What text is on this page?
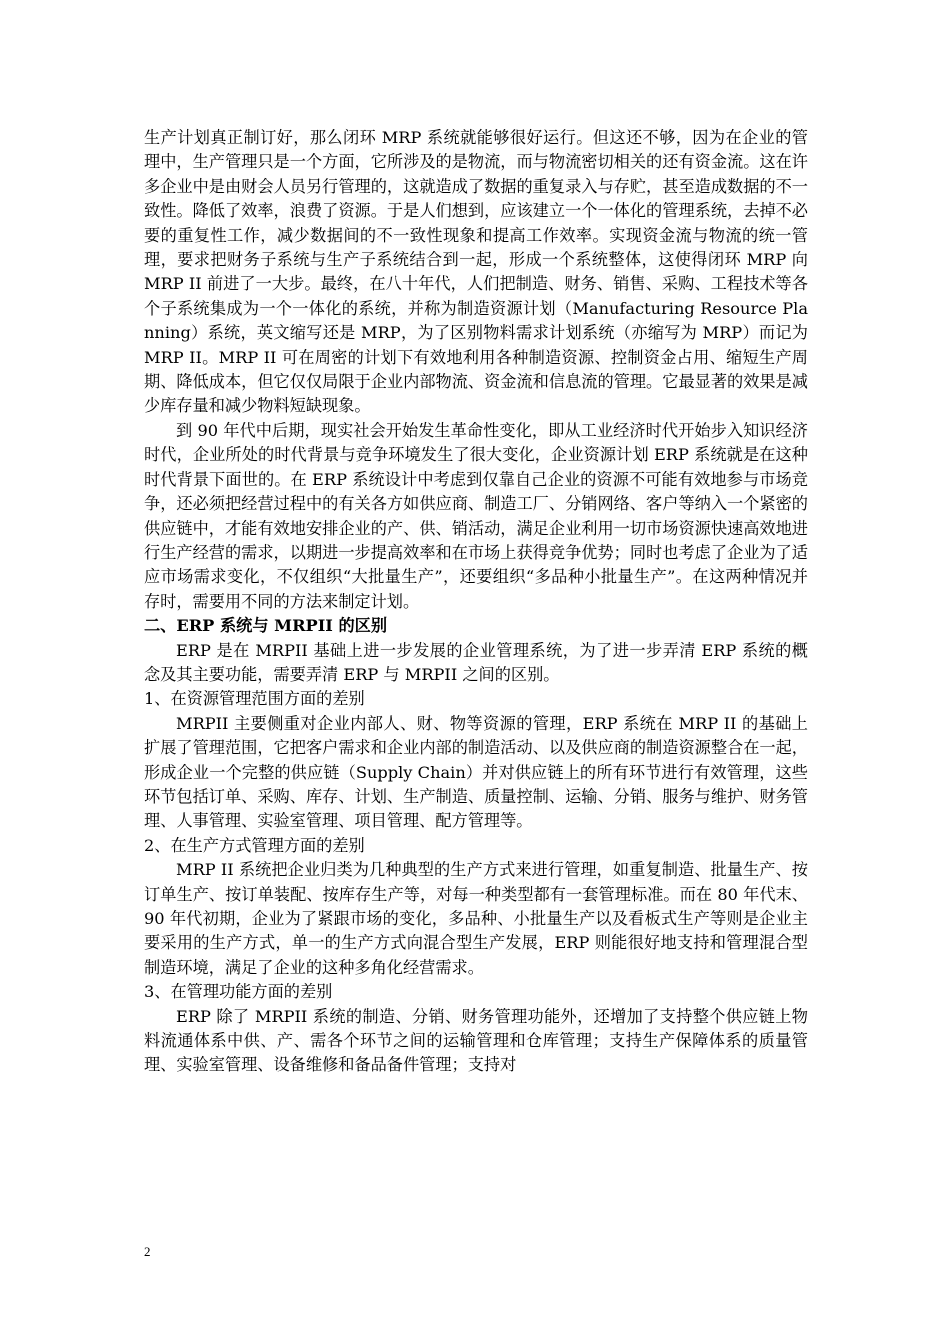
生产计划真正制订好，那么闭环 MRP 系统就能够很好运行。但这还不够，因为在企业的管理中，生产管理只是一个方面，它所涉及的是物流，而与物流密切相关的还有资金流。这在许多企业中是由财会人员另行管理的，这就造成了数据的重复录入与存贮，甚至造成数据的不一致性。降低了效率，浪费了资源。于是人们想到，应该建立一个一体化的管理系统，去掉不必要的重复性工作，减少数据间的不一致性现象和提高工作效率。实现资金流与物流的统一管理，要求把财务子系统与生产子系统结合到一起，形成一个系统整体，这使得闭环 MRP 向 MRP II 前进了一大步。最终，在八十年代，人们把制造、财务、销售、采购、工程技术等各个子系统集成为一个一体化的系统，并称为制造资源计划（Manufacturing Resource Planning）系统，英文缩写还是 MRP，为了区别物料需求计划系统（亦缩写为 MRP）而记为 MRP II。MRP II 可在周密的计划下有效地利用各种制造资源、控制资金占用、缩短生产周期、降低成本，但它仅仅局限于企业内部物流、资金流和信息流的管理。它最显著的效果是减少库存量和减少物料短缺现象。

到 90 年代中后期，现实社会开始发生革命性变化，即从工业经济时代开始步入知识经济时代，企业所处的时代背景与竞争环境发生了很大变化，企业资源计划 ERP 系统就是在这种时代背景下面世的。在 ERP 系统设计中考虑到仅靠自己企业的资源不可能有效地参与市场竞争，还必须把经营过程中的有关各方如供应商、制造工厂、分销网络、客户等纳入一个紧密的供应链中，才能有效地安排企业的产、供、销活动，满足企业利用一切市场资源快速高效地进行生产经营的需求，以期进一步提高效率和在市场上获得竞争优势；同时也考虑了企业为了适应市场需求变化，不仅组织“大批量生产”，还要组织“多品种小批量生产”。在这两种情况并存时，需要用不同的方法来制定计划。

二、ERP 系统与 MRPII 的区别

ERP 是在 MRPII 基础上进一步发展的企业管理系统，为了进一步弄清 ERP 系统的概念及其主要功能，需要弄清 ERP 与 MRPII 之间的区别。

1、在资源管理范围方面的差别

MRPII 主要侧重对企业内部人、财、物等资源的管理，ERP 系统在 MRP II 的基础上扩展了管理范围，它把客户需求和企业内部的制造活动、以及供应商的制造资源整合在一起，形成企业一个完整的供应链（Supply Chain）并对供应链上的所有环节进行有效管理，这些环节包括订单、采购、库存、计划、生产制造、质量控制、运输、分销、服务与维护、财务管理、人事管理、实验室管理、项目管理、配方管理等。

2、在生产方式管理方面的差别

MRP II 系统把企业归类为几种典型的生产方式来进行管理，如重复制造、批量生产、按订单生产、按订单装配、按库存生产等，对每一种类型都有一套管理标准。而在 80 年代末、90 年代初期，企业为了紧跟市场的变化，多品种、小批量生产以及看板式生产等则是企业主要采用的生产方式，单一的生产方式向混合型生产发展，ERP 则能很好地支持和管理混合型制造环境，满足了企业的这种多角化经营需求。

3、在管理功能方面的差别

ERP 除了 MRPII 系统的制造、分销、财务管理功能外，还增加了支持整个供应链上物料流通体系中供、产、需各个环节之间的运输管理和仓库管理；支持生产保障体系的质量管理、实验室管理、设备维修和备品备件管理；支持对

2
